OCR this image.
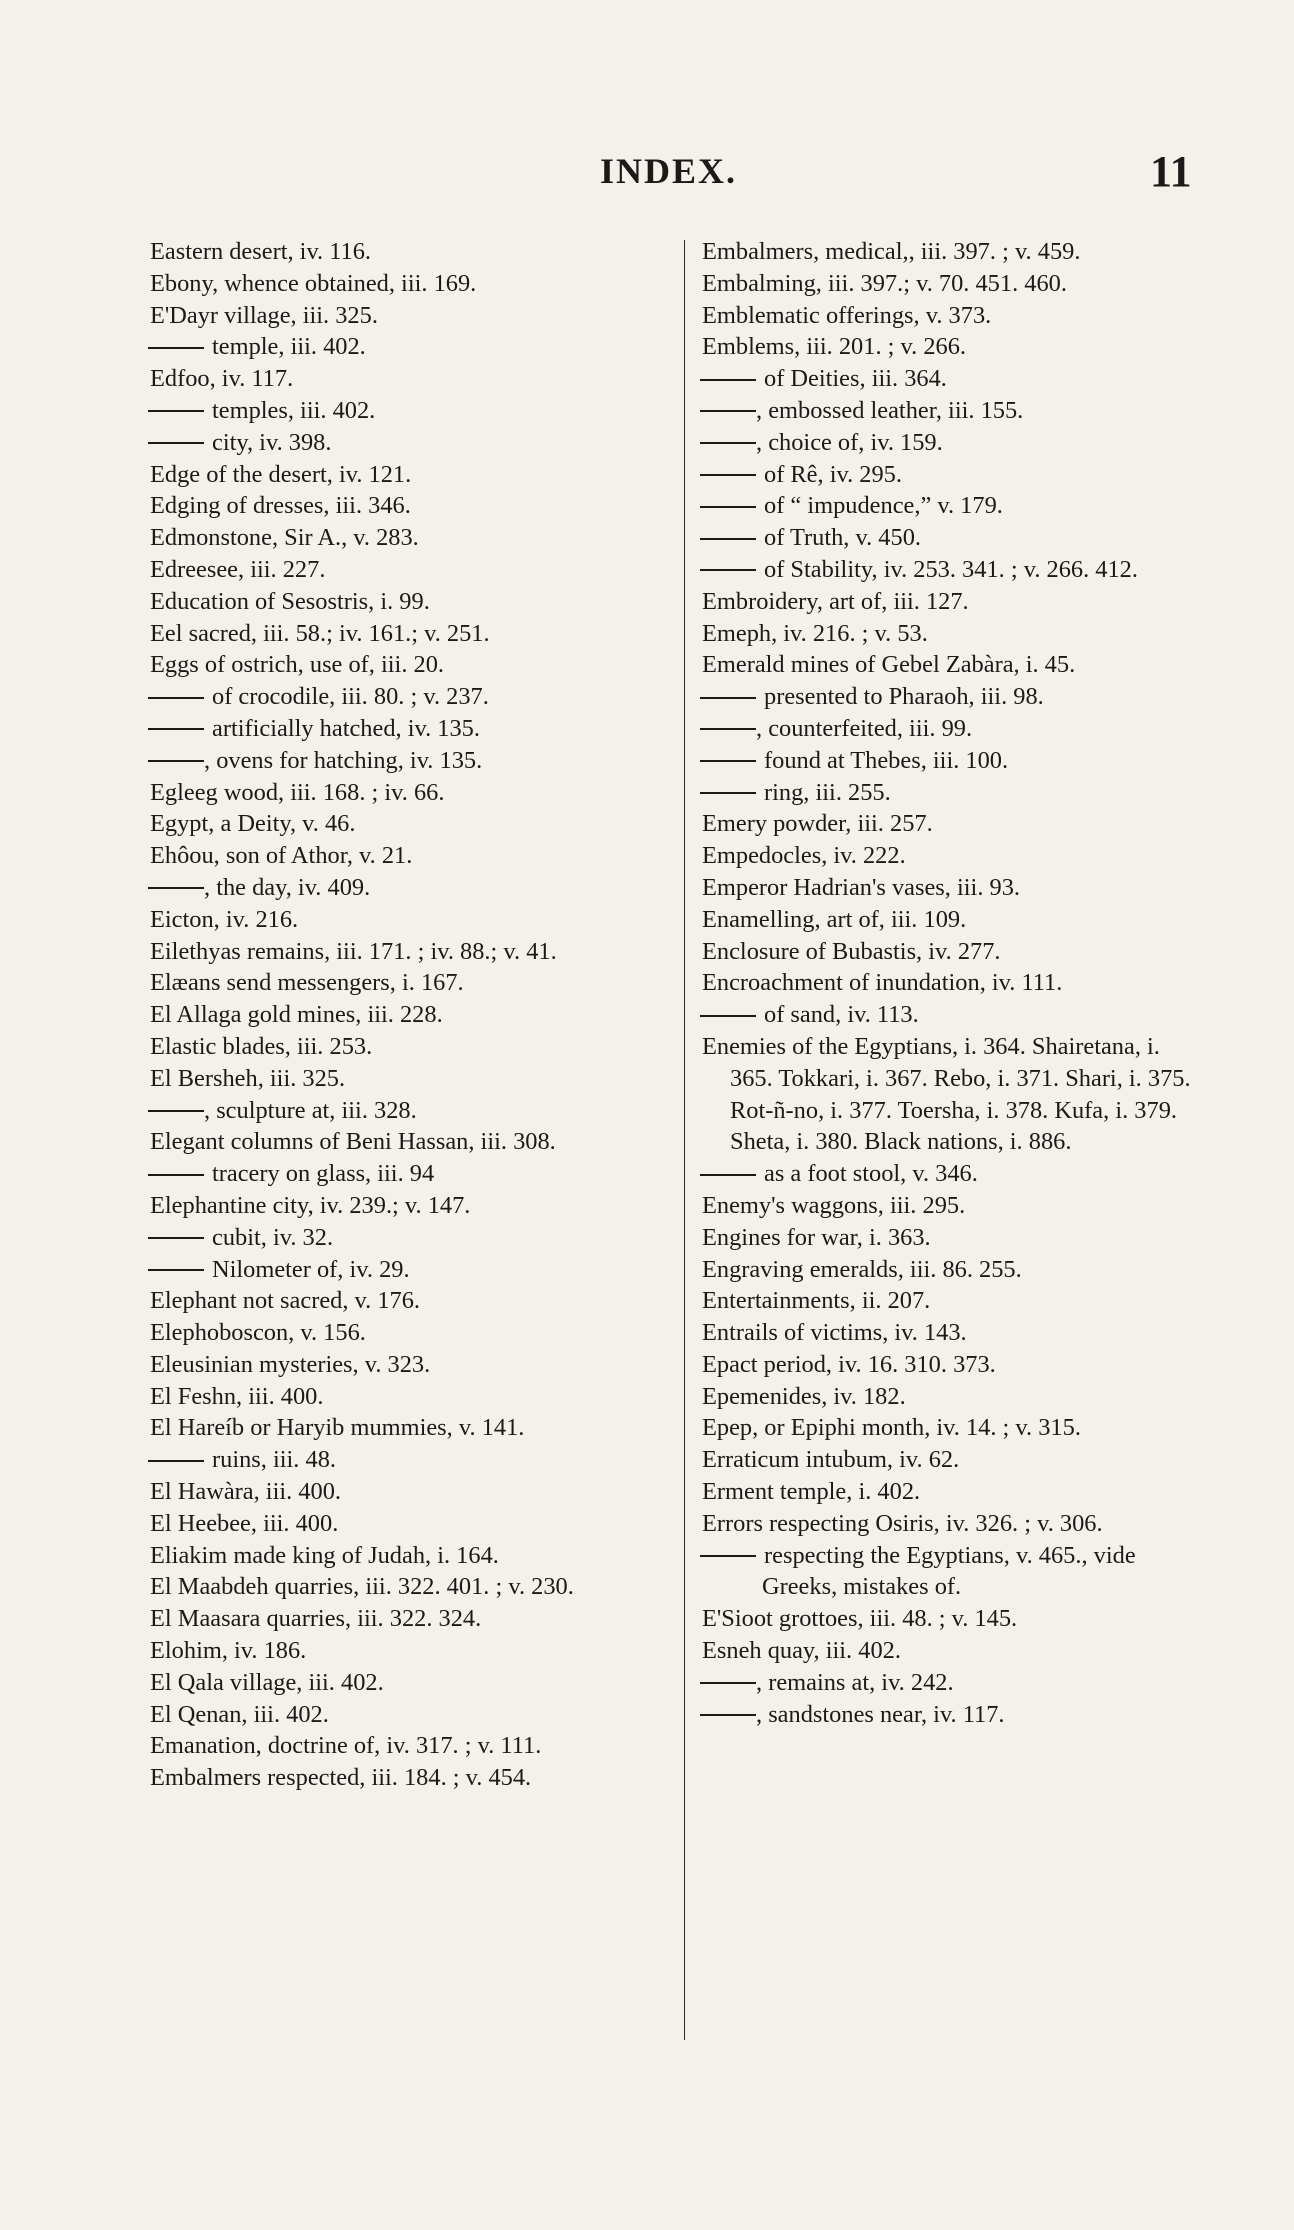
INDEX.	11
Eastern desert, iv. 116.
Ebony, whence obtained, iii. 169.
E'Dayr village, iii. 325.
temple, iii. 402.
Edfoo, iv. 117.
temples, iii. 402.
city, iv. 398.
Edge of the desert, iv. 121.
Edging of dresses, iii. 346.
Edmonstone, Sir A., v. 283.
Edreesee, iii. 227.
Education of Sesostris, i. 99.
Eel sacred, iii. 58.; iv. 161.; v. 251.
Eggs of ostrich, use of, iii. 20.
of crocodile, iii. 80. ; v. 237.
artificially hatched, iv. 135.
, ovens for hatching, iv. 135.
Egleeg wood, iii. 168. ; iv. 66.
Egypt, a Deity, v. 46.
Ehôou, son of Athor, v. 21.
, the day, iv. 409.
Eicton, iv. 216.
Eilethyas remains, iii. 171. ; iv. 88.; v. 41.
Elæans send messengers, i. 167.
El Allaga gold mines, iii. 228.
Elastic blades, iii. 253.
El Bersheh, iii. 325.
, sculpture at, iii. 328.
Elegant columns of Beni Hassan, iii. 308.
tracery on glass, iii. 94
Elephantine city, iv. 239.; v. 147.
cubit, iv. 32.
Nilometer of, iv. 29.
Elephant not sacred, v. 176.
Elephoboscon, v. 156.
Eleusinian mysteries, v. 323.
El Feshn, iii. 400.
El Hareíb or Haryib mummies, v. 141.
ruins, iii. 48.
El Hawàra, iii. 400.
El Heebee, iii. 400.
Eliakim made king of Judah, i. 164.
El Maabdeh quarries, iii. 322. 401. ; v. 230.
El Maasara quarries, iii. 322. 324.
Elohim, iv. 186.
El Qala village, iii. 402.
El Qenan, iii. 402.
Emanation, doctrine of, iv. 317. ; v. 111.
Embalmers respected, iii. 184. ; v. 454.
Embalmers, medical,, iii. 397. ; v. 459.
Embalming, iii. 397.; v. 70. 451. 460.
Emblematic offerings, v. 373.
Emblems, iii. 201. ; v. 266.
of Deities, iii. 364.
, embossed leather, iii. 155.
, choice of, iv. 159.
of Rê, iv. 295.
of “ impudence,” v. 179.
of Truth, v. 450.
of Stability, iv. 253. 341. ; v. 266. 412.
Embroidery, art of, iii. 127.
Emeph, iv. 216. ; v. 53.
Emerald mines of Gebel Zabàra, i. 45.
presented to Pharaoh, iii. 98.
, counterfeited, iii. 99.
found at Thebes, iii. 100.
ring, iii. 255.
Emery powder, iii. 257.
Empedocles, iv. 222.
Emperor Hadrian's vases, iii. 93.
Enamelling, art of, iii. 109.
Enclosure of Bubastis, iv. 277.
Encroachment of inundation, iv. 111.
of sand, iv. 113.
Enemies of the Egyptians, i. 364. Shairetana, i. 365. Tokkari, i. 367. Rebo, i. 371. Shari, i. 375. Rot-ñ-no, i. 377. Toersha, i. 378. Kufa, i. 379. Sheta, i. 380. Black nations, i. 886.
as a foot stool, v. 346.
Enemy's waggons, iii. 295.
Engines for war, i. 363.
Engraving emeralds, iii. 86. 255.
Entertainments, ii. 207.
Entrails of victims, iv. 143.
Epact period, iv. 16. 310. 373.
Epemenides, iv. 182.
Epep, or Epiphi month, iv. 14. ; v. 315.
Erraticum intubum, iv. 62.
Erment temple, i. 402.
Errors respecting Osiris, iv. 326. ; v. 306.
respecting the Egyptians, v. 465., vide Greeks, mistakes of.
E'Sioot grottoes, iii. 48. ; v. 145.
Esneh quay, iii. 402.
, remains at, iv. 242.
, sandstones near, iv. 117.
